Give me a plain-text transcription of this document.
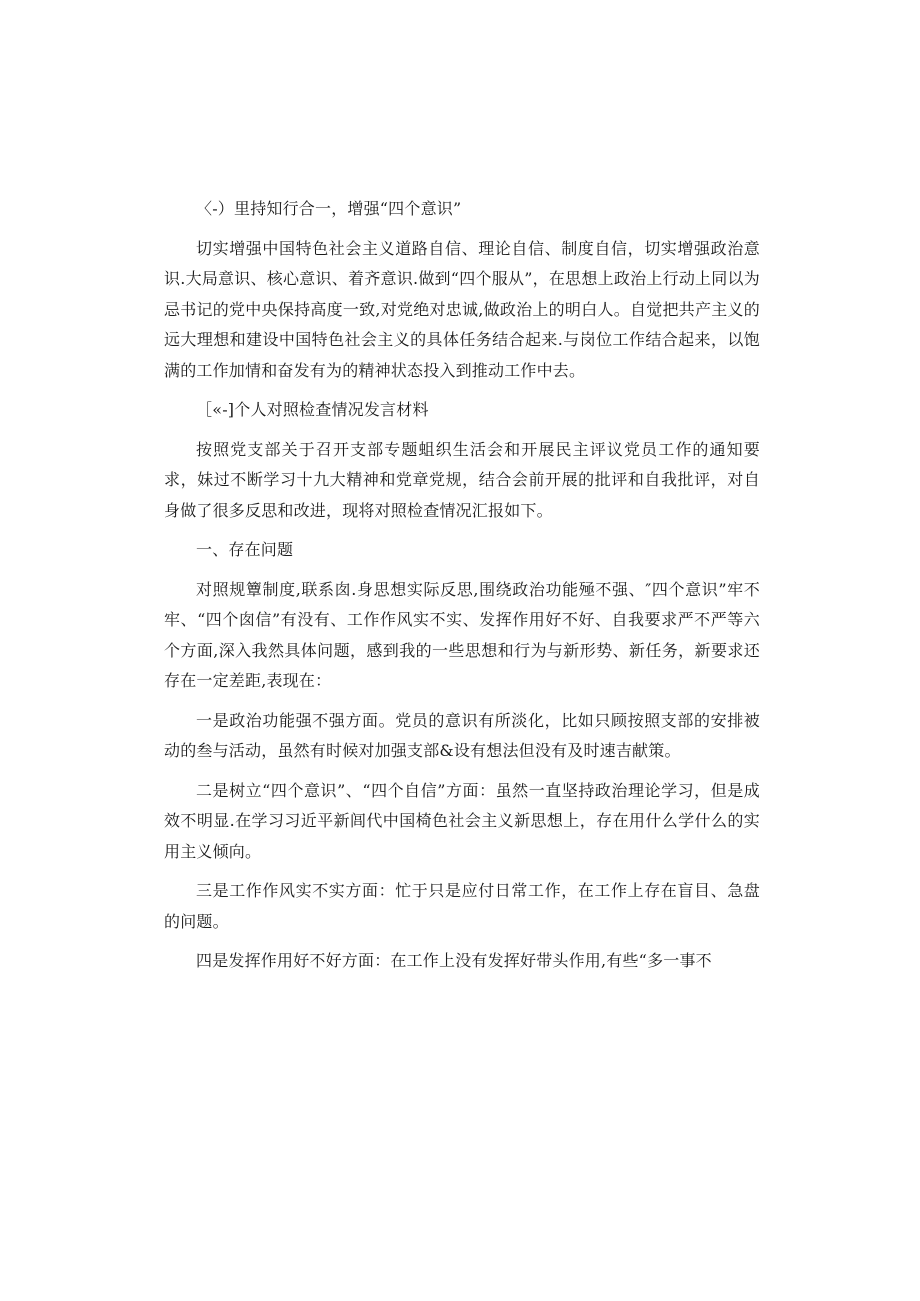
〈-）里持知行合一，增强“四个意识”

切实增强中国特色社会主义道路自信、理论自信、制度自信，切实增强政治意识.大局意识、核心意识、着齐意识.做到“四个服从”，在思想上政治上行动上同以为忌书记的党中央保持高度一致,对党绝对忠诚,做政治上的明白人。自觉把共产主义的远大理想和建设中国特色社会主义的具体任务结合起来.与岗位工作结合起来，以饱满的工作加情和奋发有为的精神状态投入到推动工作中去。

［«-]个人对照检查情况发言材料

按照党支部关于召开支部专题蛆织生活会和开展民主评议党员工作的通知要求，妹过不断学习十九大精神和党章党规，结合会前开展的批评和自我批评，对自身做了很多反思和改进，现将对照检查情况汇报如下。

一、存在问题

对照规簟制度,联系囱.身思想实际反思,围绕政治功能殛不强、″四个意识”牢不牢、“四个囱信”有没有、工作作风实不实、发挥作用好不好、自我要求严不严等六个方面,深入我然具体问题，感到我的一些思想和行为与新形势、新任务，新要求还存在一定差距,表现在：

一是政治功能强不强方面。党员的意识有所淡化，比如只顾按照支部的安排被动的叁与活动，虽然有时候对加强支部&设有想法但没有及时速吉献策。

二是树立“四个意识”、“四个自信”方面：虽然一直坚持政治理论学习，但是成效不明显.在学习习近平新闾代中国椅色社会主义新思想上，存在用什么学什么的实用主义倾向。

三是工作作风实不实方面：忙于只是应付日常工作，在工作上存在盲目、急盘的问题。

四是发挥作用好不好方面：在工作上没有发挥好带头作用,有些“多一事不
